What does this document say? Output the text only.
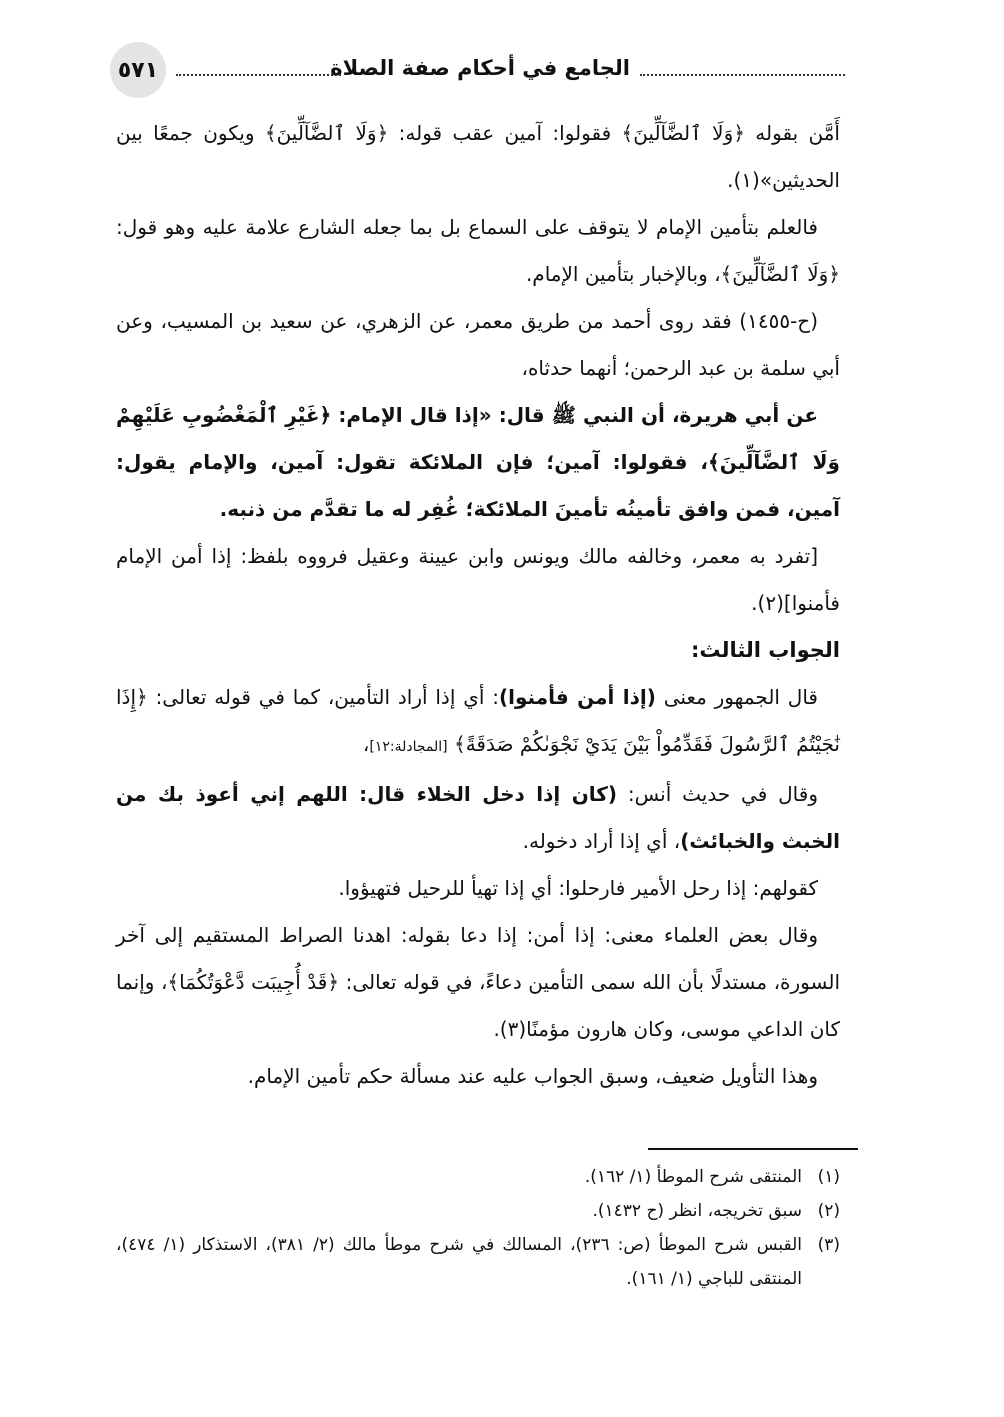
٥٧١	الجامع في أحكام صفة الصلاة

أَمَّن بقوله ﴿وَلَا ٱلضَّآلِّينَ﴾ فقولوا: آمين عقب قوله: ﴿وَلَا ٱلضَّآلِّينَ﴾ ويكون جمعًا بين الحديثين»(١).

فالعلم بتأمين الإمام لا يتوقف على السماع بل بما جعله الشارع علامة عليه وهو قول: ﴿وَلَا ٱلضَّآلِّينَ﴾، وبالإخبار بتأمين الإمام.

(ح-١٤٥٥) فقد روى أحمد من طريق معمر، عن الزهري، عن سعيد بن المسيب، وعن أبي سلمة بن عبد الرحمن؛ أنهما حدثاه،

عن أبي هريرة، أن النبي ﷺ قال: «إذا قال الإمام: ﴿غَيْرِ ٱلْمَغْضُوبِ عَلَيْهِمْ وَلَا ٱلضَّآلِّينَ﴾، فقولوا: آمين؛ فإن الملائكة تقول: آمين، والإمام يقول: آمين، فمن وافق تأمينُه تأمينَ الملائكة؛ غُفِر له ما تقدَّم من ذنبه.

[تفرد به معمر، وخالفه مالك ويونس وابن عيينة وعقيل فرووه بلفظ: إذا أمن الإمام فأمنوا](٢).

الجواب الثالث:

قال الجمهور معنى (إذا أمن فأمنوا): أي إذا أراد التأمين، كما في قوله تعالى: ﴿إِذَا نَٰجَيْتُمُ ٱلرَّسُولَ فَقَدِّمُواْ بَيْنَ يَدَيْ نَجْوَىٰكُمْ صَدَقَةً﴾ [المجادلة:١٢]،

وقال في حديث أنس: (كان إذا دخل الخلاء قال: اللهم إني أعوذ بك من الخبث والخبائث)، أي إذا أراد دخوله.

كقولهم: إذا رحل الأمير فارحلوا: أي إذا تهيأ للرحيل فتهيؤوا.

وقال بعض العلماء معنى: إذا أمن: إذا دعا بقوله: اهدنا الصراط المستقيم إلى آخر السورة، مستدلًا بأن الله سمى التأمين دعاءً، في قوله تعالى: ﴿قَدْ أُجِيبَت دَّعْوَتُكُمَا﴾، وإنما كان الداعي موسى، وكان هارون مؤمنًا(٣).

وهذا التأويل ضعيف، وسبق الجواب عليه عند مسألة حكم تأمين الإمام.

(١)
المنتقى شرح الموطأ (١/ ١٦٢).
(٢)
سبق تخريجه، انظر (ح ١٤٣٢).
(٣)
القبس شرح الموطأ (ص: ٢٣٦)، المسالك في شرح موطأ مالك (٢/ ٣٨١)، الاستذكار (١/ ٤٧٤)، المنتقى للباجي (١/ ١٦١).
